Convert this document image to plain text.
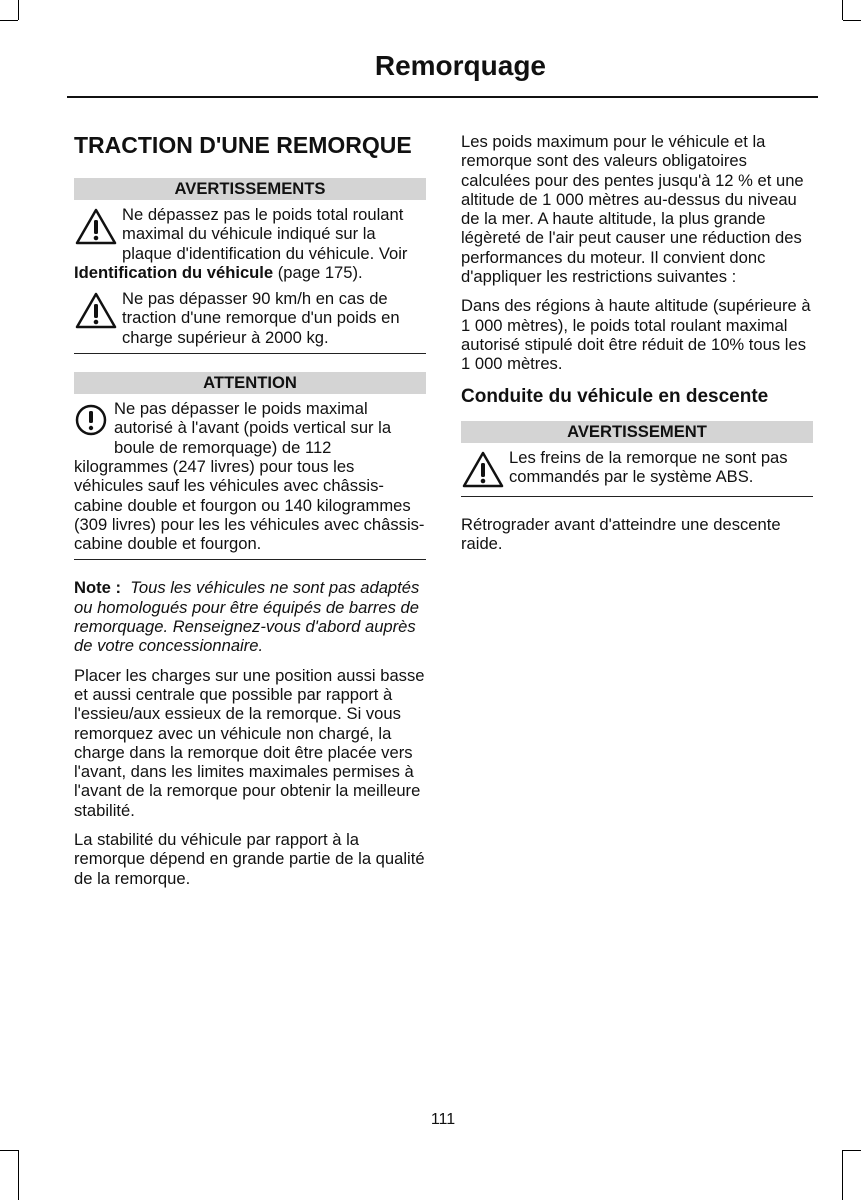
Remorquage
TRACTION D'UNE REMORQUE
AVERTISSEMENTS

Ne dépassez pas le poids total roulant maximal du véhicule indiqué sur la plaque d'identification du véhicule. Voir Identification du véhicule (page 175).

Ne pas dépasser 90 km/h en cas de traction d'une remorque d'un poids en charge supérieur à 2000 kg.

ATTENTION

Ne pas dépasser le poids maximal autorisé à l'avant (poids vertical sur la boule de remorquage) de 112 kilogrammes (247 livres) pour tous les véhicules sauf les véhicules avec châssis-cabine double et fourgon ou 140 kilogrammes (309 livres) pour les les véhicules avec châssis-cabine double et fourgon.

Note : Tous les véhicules ne sont pas adaptés ou homologués pour être équipés de barres de remorquage. Renseignez-vous d'abord auprès de votre concessionnaire.

Placer les charges sur une position aussi basse et aussi centrale que possible par rapport à l'essieu/aux essieux de la remorque. Si vous remorquez avec un véhicule non chargé, la charge dans la remorque doit être placée vers l'avant, dans les limites maximales permises à l'avant de la remorque pour obtenir la meilleure stabilité.

La stabilité du véhicule par rapport à la remorque dépend en grande partie de la qualité de la remorque.

Les poids maximum pour le véhicule et la remorque sont des valeurs obligatoires calculées pour des pentes jusqu'à 12 % et une altitude de 1 000 mètres au-dessus du niveau de la mer. A haute altitude, la plus grande légèreté de l'air peut causer une réduction des performances du moteur. Il convient donc d'appliquer les restrictions suivantes :

Dans des régions à haute altitude (supérieure à 1 000 mètres), le poids total roulant maximal autorisé stipulé doit être réduit de 10% tous les 1 000 mètres.

Conduite du véhicule en descente
AVERTISSEMENT

Les freins de la remorque ne sont pas commandés par le système ABS.

Rétrograder avant d'atteindre une descente raide.

111
